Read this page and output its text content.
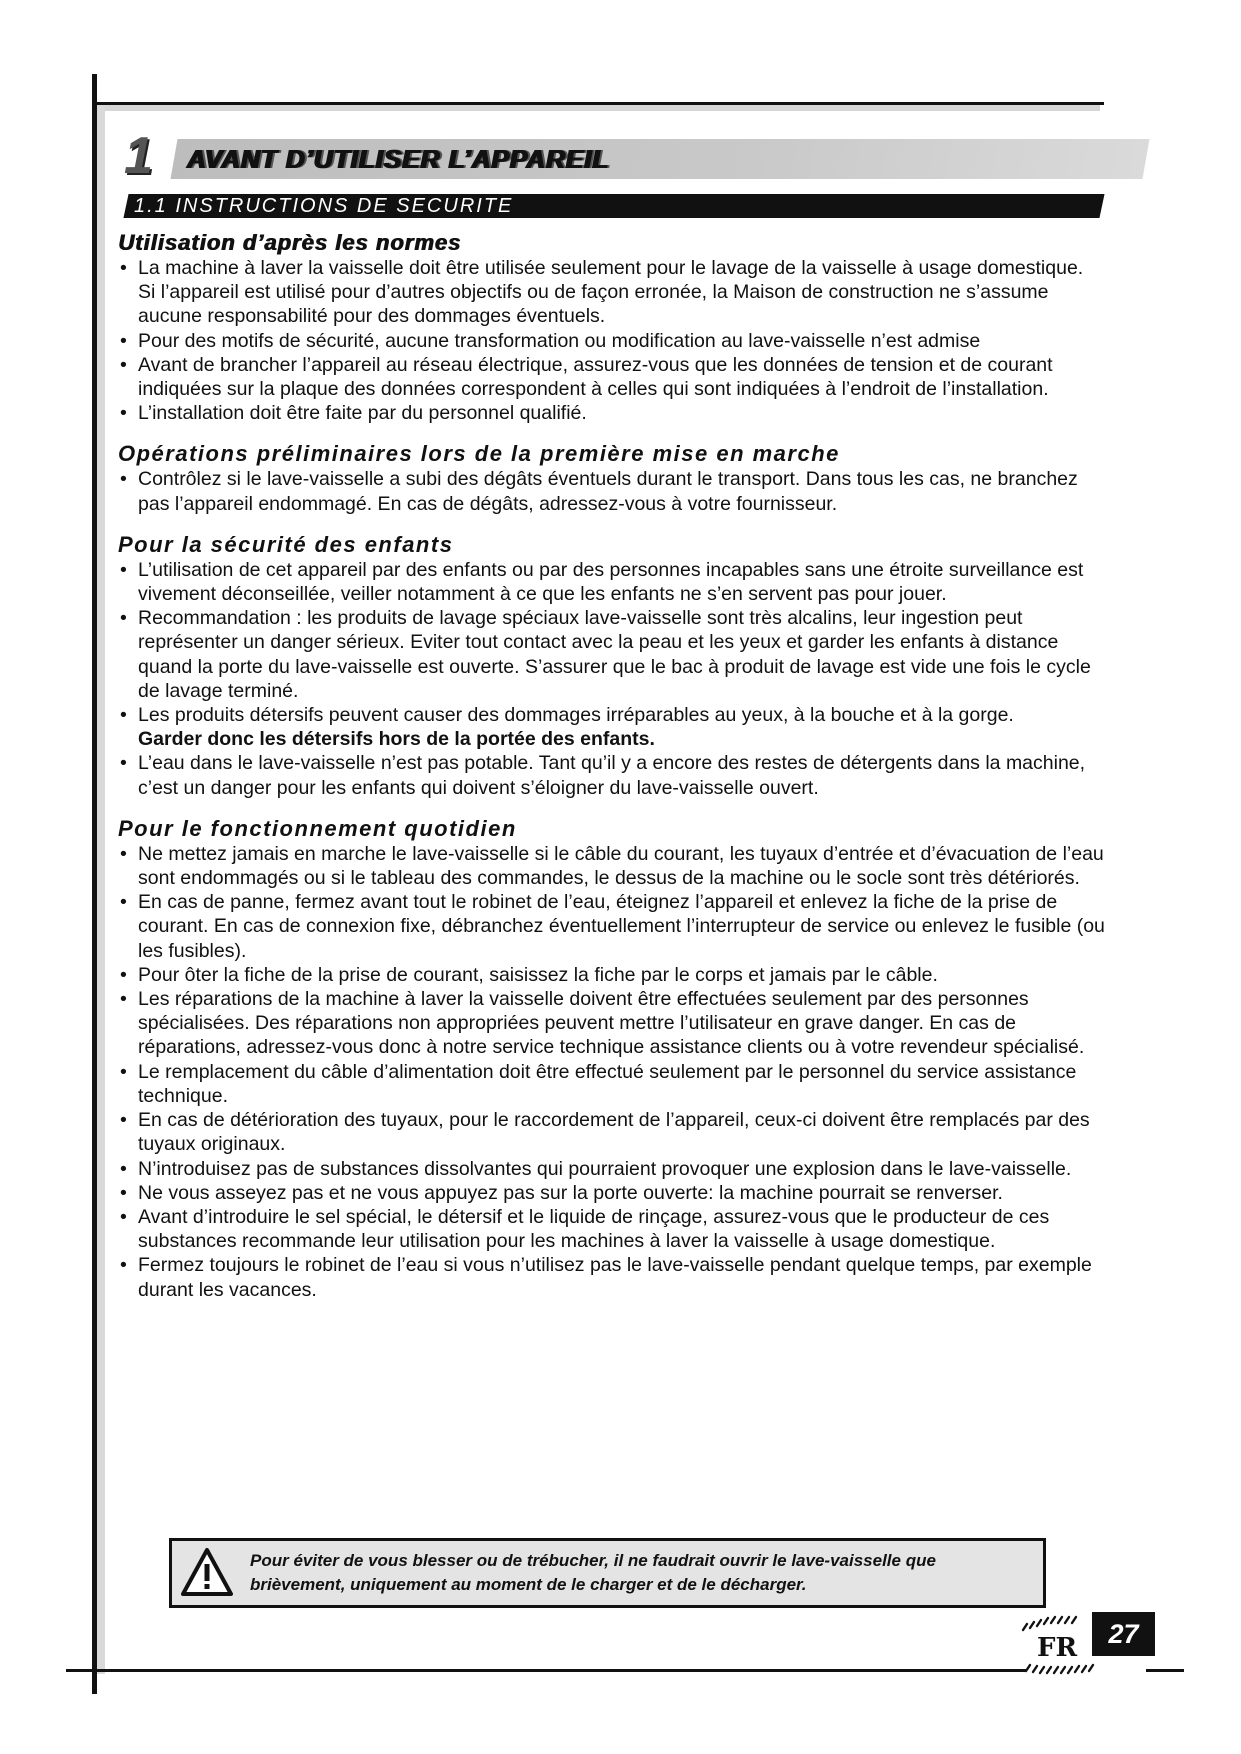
1 AVANT D’UTILISER L’APPAREIL
1.1 INSTRUCTIONS DE SECURITE
Utilisation d’après les normes
• La machine à laver la vaisselle doit être utilisée seulement pour le lavage de la vaisselle à usage domestique.
Si l’appareil est utilisé pour d’autres objectifs ou de façon erronée, la Maison de construction ne s’assume aucune responsabilité pour des dommages éventuels.
• Pour des motifs de sécurité, aucune transformation ou modification au lave-vaisselle n’est admise
• Avant de brancher l’appareil au réseau électrique, assurez-vous que les données de tension et de courant indiquées sur la plaque des données correspondent à celles qui sont indiquées à l’endroit de l’installation.
• L’installation doit être faite par du personnel qualifié.
Opérations préliminaires lors de la première mise en marche
• Contrôlez si le lave-vaisselle a subi des dégâts éventuels durant le transport. Dans tous les cas, ne branchez pas l’appareil endommagé. En cas de dégâts, adressez-vous à votre fournisseur.
Pour la sécurité des enfants
• L’utilisation de cet appareil par des enfants ou par des personnes incapables sans une étroite surveillance est vivement déconseillée, veiller notamment à ce que les enfants ne s’en servent pas pour jouer.
• Recommandation : les produits de lavage spéciaux lave-vaisselle sont très alcalins, leur ingestion peut représenter un danger sérieux. Eviter tout contact avec la peau et les yeux et garder les enfants à distance quand la porte du lave-vaisselle est ouverte. S’assurer que le bac à produit de lavage est vide une fois le cycle de lavage terminé.
• Les produits détersifs peuvent causer des dommages irréparables au yeux, à la bouche et à la gorge.
Garder donc les détersifs hors de la portée des enfants.
• L’eau dans le lave-vaisselle n’est pas potable. Tant qu’il y a encore des restes de détergents dans la machine, c’est un danger pour les enfants qui doivent s’éloigner du lave-vaisselle ouvert.
Pour le fonctionnement quotidien
• Ne mettez jamais en marche le lave-vaisselle si le câble du courant, les tuyaux d’entrée et d’évacuation de l’eau sont endommagés ou si le tableau des commandes, le dessus de la machine ou le socle sont très détériorés.
• En cas de panne, fermez avant tout le robinet de l’eau, éteignez l’appareil et enlevez la fiche de la prise de courant. En cas de connexion fixe, débranchez éventuellement l’interrupteur de service ou enlevez le fusible (ou les fusibles).
• Pour ôter la fiche de la prise de courant, saisissez la fiche par le corps et jamais par le câble.
• Les réparations de la machine à laver la vaisselle doivent être effectuées seulement par des personnes spécialisées. Des réparations non appropriées peuvent mettre l’utilisateur en grave danger. En cas de réparations, adressez-vous donc à notre service technique assistance clients ou à votre revendeur spécialisé.
• Le remplacement du câble d’alimentation doit être effectué seulement par le personnel du service assistance technique.
• En cas de détérioration des tuyaux, pour le raccordement de l’appareil, ceux-ci doivent être remplacés par des tuyaux originaux.
• N’introduisez pas de substances dissolvantes qui pourraient provoquer une explosion dans le lave-vaisselle.
• Ne vous asseyez pas et ne vous appuyez pas sur la porte ouverte: la machine pourrait se renverser.
• Avant d’introduire le sel spécial, le détersif et le liquide de rinçage, assurez-vous que le producteur de ces substances recommande leur utilisation pour les machines à laver la vaisselle à usage domestique.
• Fermez toujours le robinet de l’eau si vous n’utilisez pas le lave-vaisselle pendant quelque temps, par exemple durant les vacances.
Pour éviter de vous blesser ou de trébucher, il ne faudrait ouvrir le lave-vaisselle que brièvement, uniquement au moment de le charger et de le décharger.
FR	27
